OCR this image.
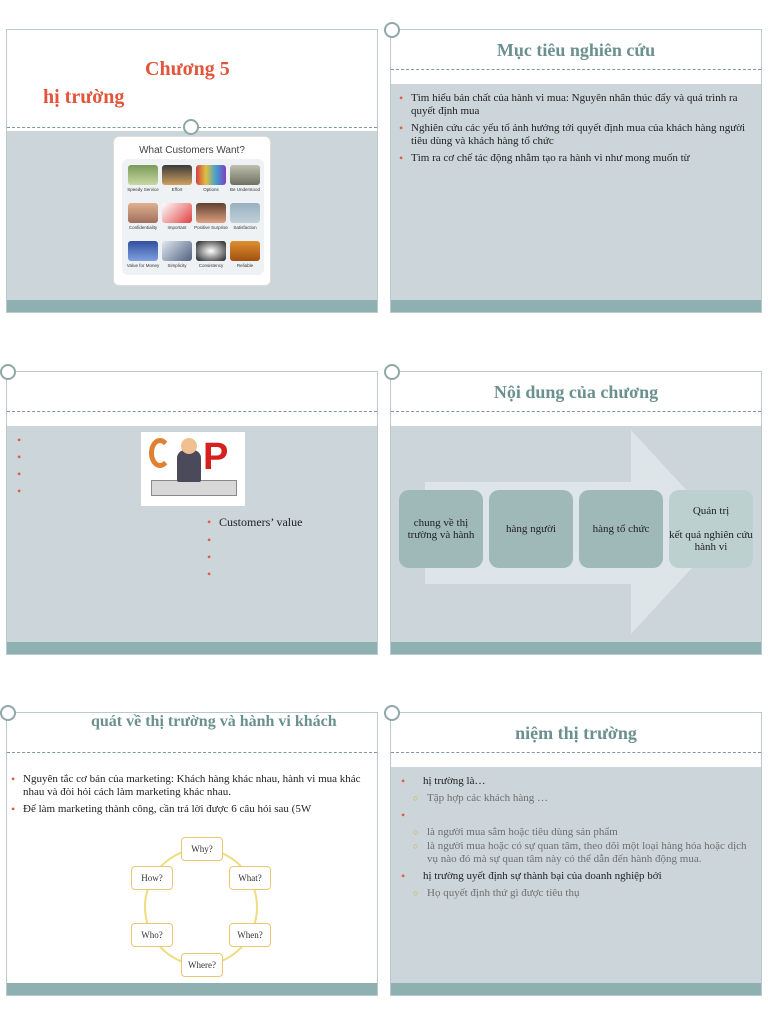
Chương 5
hị trường
What Customers Want?
Speedy Service	Effort	Options	Be Understood
Confidentiality	Important	Positive Surprise	Satisfaction
Value for Money	Simplicity	Consistency	Reliable
Mục tiêu nghiên cứu
• Tìm hiểu bản chất của hành vi mua: Nguyên nhân thúc đẩy và quá trình ra quyết định mua
• Nghiên cứu các yếu tố ảnh hưởng tới quyết định mua của khách hàng người tiêu dùng và khách hàng tổ chức
• Tìm ra cơ chế tác động nhằm tạo ra hành vi như mong muốn từ
•
•
•
•
P
• Customers’ value
•
•
•
Nội dung của chương
chung về thị trường và hành	hàng người	hàng tổ chức
Quản trị

kết quả nghiên cứu hành vi
quát về thị trường và hành vi khách
• Nguyên tắc cơ bản của marketing: Khách hàng khác nhau, hành vi mua khác nhau và đòi hỏi cách làm marketing khác nhau.
• Để làm marketing thành công, cần trả lời được 6 câu hỏi sau (5W
Why?
What?
When?
Where?
Who?
How?
niệm thị trường
• hị trường là…
○ Tập hợp các khách hàng …
•
○ là người mua sắm hoặc tiêu dùng sản phẩm
○ là người mua hoặc có sự quan tâm, theo dõi một loại hàng hóa hoặc dịch vụ nào đó mà sự quan tâm này có thể dẫn đến hành động mua.
• hị trường uyết định sự thành bại của doanh nghiệp bởi
○ Họ quyết định thứ gì được tiêu thụ
